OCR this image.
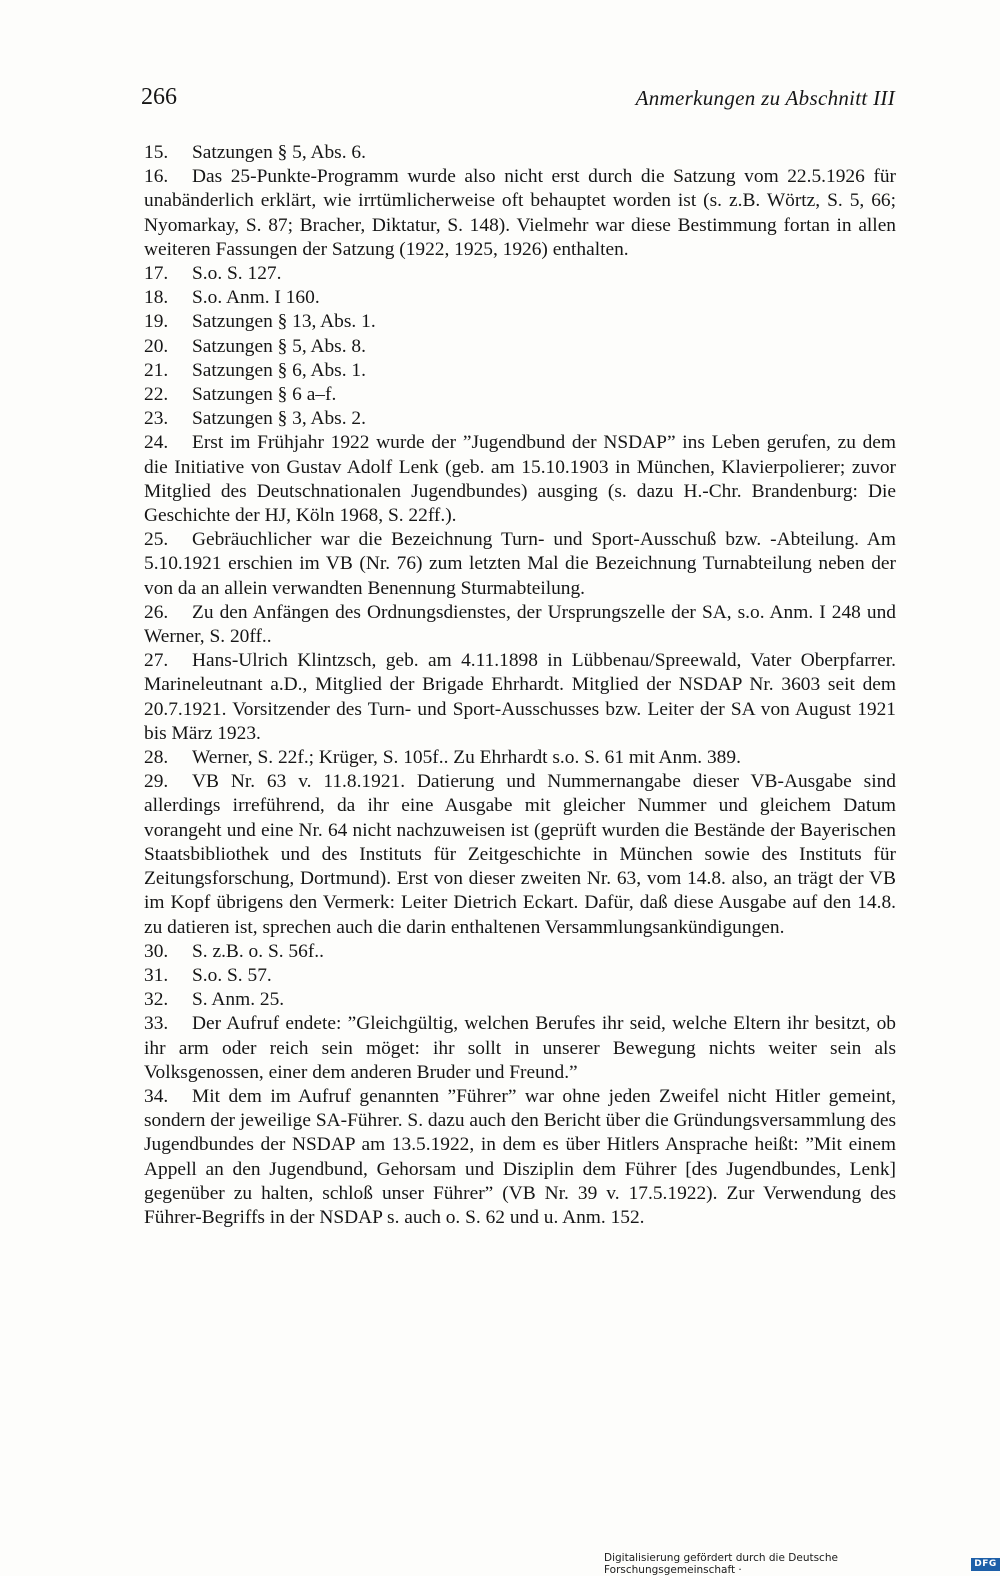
266	Anmerkungen zu Abschnitt III

15. Satzungen § 5, Abs. 6.

16. Das 25-Punkte-Programm wurde also nicht erst durch die Satzung vom 22.5.1926 für unabänderlich erklärt, wie irrtümlicherweise oft behauptet worden ist (s. z.B. Wörtz, S. 5, 66; Nyomarkay, S. 87; Bracher, Diktatur, S. 148). Vielmehr war diese Bestimmung fortan in allen weiteren Fassungen der Satzung (1922, 1925, 1926) enthalten.

17. S.o. S. 127.

18. S.o. Anm. I 160.

19. Satzungen § 13, Abs. 1.

20. Satzungen § 5, Abs. 8.

21. Satzungen § 6, Abs. 1.

22. Satzungen § 6 a–f.

23. Satzungen § 3, Abs. 2.

24. Erst im Frühjahr 1922 wurde der ”Jugendbund der NSDAP” ins Leben gerufen, zu dem die Initiative von Gustav Adolf Lenk (geb. am 15.10.1903 in München, Klavierpolierer; zuvor Mitglied des Deutschnationalen Jugendbundes) ausging (s. dazu H.-Chr. Brandenburg: Die Geschichte der HJ, Köln 1968, S. 22ff.).

25. Gebräuchlicher war die Bezeichnung Turn- und Sport-Ausschuß bzw. -Abteilung. Am 5.10.1921 erschien im VB (Nr. 76) zum letzten Mal die Bezeichnung Turnabteilung neben der von da an allein verwandten Benennung Sturmabteilung.

26. Zu den Anfängen des Ordnungsdienstes, der Ursprungszelle der SA, s.o. Anm. I 248 und Werner, S. 20ff..

27. Hans-Ulrich Klintzsch, geb. am 4.11.1898 in Lübbenau/Spreewald, Vater Oberpfarrer. Marineleutnant a.D., Mitglied der Brigade Ehrhardt. Mitglied der NSDAP Nr. 3603 seit dem 20.7.1921. Vorsitzender des Turn- und Sport-Ausschusses bzw. Leiter der SA von August 1921 bis März 1923.

28. Werner, S. 22f.; Krüger, S. 105f.. Zu Ehrhardt s.o. S. 61 mit Anm. 389.

29. VB Nr. 63 v. 11.8.1921. Datierung und Nummernangabe dieser VB-Ausgabe sind allerdings irreführend, da ihr eine Ausgabe mit gleicher Nummer und gleichem Datum vorangeht und eine Nr. 64 nicht nachzuweisen ist (geprüft wurden die Bestände der Bayerischen Staatsbibliothek und des Instituts für Zeitgeschichte in München sowie des Instituts für Zeitungsforschung, Dortmund). Erst von dieser zweiten Nr. 63, vom 14.8. also, an trägt der VB im Kopf übrigens den Vermerk: Leiter Dietrich Eckart. Dafür, daß diese Ausgabe auf den 14.8. zu datieren ist, sprechen auch die darin enthaltenen Versammlungsankündigungen.

30. S. z.B. o. S. 56f..

31. S.o. S. 57.

32. S. Anm. 25.

33. Der Aufruf endete: ”Gleichgültig, welchen Berufes ihr seid, welche Eltern ihr besitzt, ob ihr arm oder reich sein möget: ihr sollt in unserer Bewegung nichts weiter sein als Volksgenossen, einer dem anderen Bruder und Freund.”

34. Mit dem im Aufruf genannten ”Führer” war ohne jeden Zweifel nicht Hitler gemeint, sondern der jeweilige SA-Führer. S. dazu auch den Bericht über die Gründungsversammlung des Jugendbundes der NSDAP am 13.5.1922, in dem es über Hitlers Ansprache heißt: ”Mit einem Appell an den Jugendbund, Gehorsam und Disziplin dem Führer [des Jugendbundes, Lenk] gegenüber zu halten, schloß unser Führer” (VB Nr. 39 v. 17.5.1922). Zur Verwendung des Führer-Begriffs in der NSDAP s. auch o. S. 62 und u. Anm. 152.

Digitalisierung gefördert durch die Deutsche Forschungsgemeinschaft ·	DFG
